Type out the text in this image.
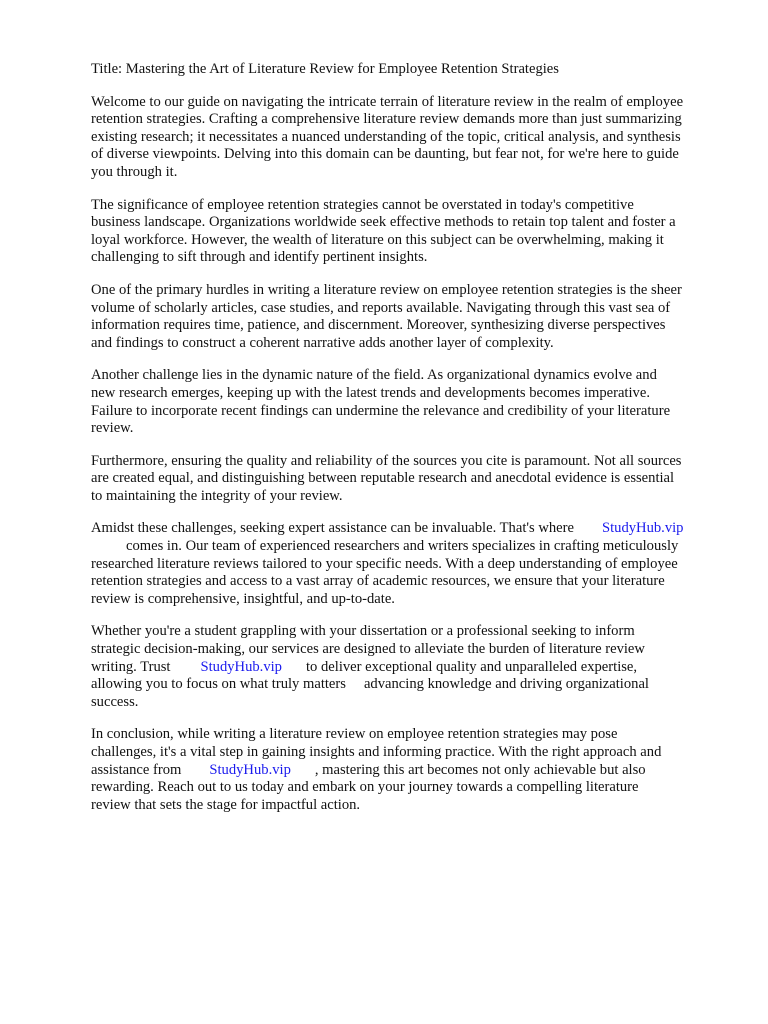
Title: Mastering the Art of Literature Review for Employee Retention Strategies
Welcome to our guide on navigating the intricate terrain of literature review in the realm of employee
retention strategies. Crafting a comprehensive literature review demands more than just summarizing
existing research; it necessitates a nuanced understanding of the topic, critical analysis, and synthesis
of diverse viewpoints. Delving into this domain can be daunting, but fear not, for we're here to guide
you through it.
The significance of employee retention strategies cannot be overstated in today's competitive
business landscape. Organizations worldwide seek effective methods to retain top talent and foster a
loyal workforce. However, the wealth of literature on this subject can be overwhelming, making it
challenging to sift through and identify pertinent insights.
One of the primary hurdles in writing a literature review on employee retention strategies is the sheer
volume of scholarly articles, case studies, and reports available. Navigating through this vast sea of
information requires time, patience, and discernment. Moreover, synthesizing diverse perspectives
and findings to construct a coherent narrative adds another layer of complexity.
Another challenge lies in the dynamic nature of the field. As organizational dynamics evolve and
new research emerges, keeping up with the latest trends and developments becomes imperative.
Failure to incorporate recent findings can undermine the relevance and credibility of your literature
review.
Furthermore, ensuring the quality and reliability of the sources you cite is paramount. Not all sources
are created equal, and distinguishing between reputable research and anecdotal evidence is essential
to maintaining the integrity of your review.
Amidst these challenges, seeking expert assistance can be invaluable. That's where StudyHub.vip
comes in. Our team of experienced researchers and writers specializes in crafting meticulously
researched literature reviews tailored to your specific needs. With a deep understanding of employee
retention strategies and access to a vast array of academic resources, we ensure that your literature
review is comprehensive, insightful, and up-to-date.
Whether you're a student grappling with your dissertation or a professional seeking to inform
strategic decision-making, our services are designed to alleviate the burden of literature review
writing. Trust StudyHub.vip to deliver exceptional quality and unparalleled expertise,
allowing you to focus on what truly matters advancing knowledge and driving organizational
success.
In conclusion, while writing a literature review on employee retention strategies may pose
challenges, it's a vital step in gaining insights and informing practice. With the right approach and
assistance from StudyHub.vip , mastering this art becomes not only achievable but also
rewarding. Reach out to us today and embark on your journey towards a compelling literature
review that sets the stage for impactful action.
